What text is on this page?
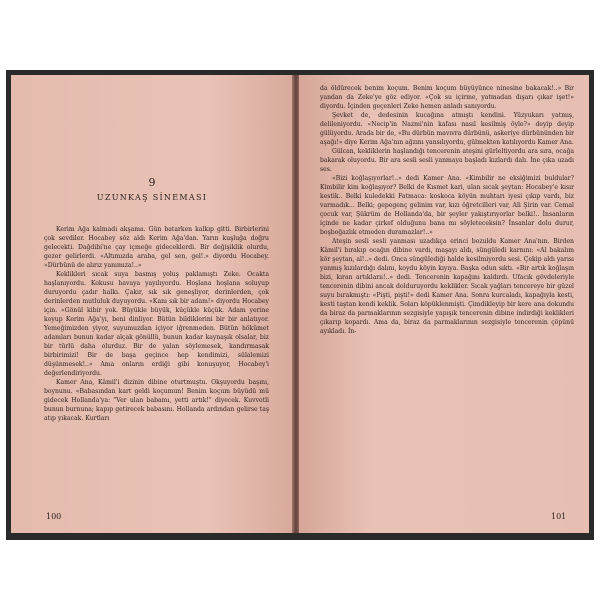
9
UZUNKAŞ SİNEMASI

Kerim Ağa kalmadı akşama. Gün batarken kalkıp gitti. Birbirlerini çok sevdiler. Hocabey söz aldı Kerim Ağa'dan. Yarın kuşluğa doğru gelecekti. Dağdibi'ne çay içmeğe gideceklerdi. Bir değişiklik olurdu, gezer gelirlerdi. «Altımızda araba, gel sen, gel!.» diyordu Hocabey. «Dürbünü de alırız yanımıza!..»

Keklikleri sıcak suya basmış yoluş paklamıştı Zeke. Ocakta haşlanıyordu. Kokusu havaya yayılıyordu. Hoşlana hoşlana soluyup duruyordu çadır halkı. Çakır, sık sık geneşliyor, derinlerden, çok derinlerden mutluluk duyuyordu. «Kanı sık bir adam!» diyordu Hocabey için. «Gönül kibir yok. Büyükle büyük, küçükle küçük. Adam yerine koyup Kerim Ağa'yı, beni dinliyor. Bütün bildiklerini bir bir anlatıyor. Yemeğimizden yiyor, suyumuzdan içiyor iğrenmeden. Bütün hökümet adamları bunun kadar alçak gönüllü, bunun kadar kaynaşık olsalar, biz bir türlü daha olurduz. Bir de yalan söylemesek, kandırmasak birbirimizi! Bir de başa geçince hep kendimizi, sülalemizi düşünmesek!..» Ama onların erdiği gibi konuşuyor, Hocabey'i değerlendiriyordu.

Kamer Ana, Kâmil'i dizinin dibine oturtmuştu. Okşuyordu başını, boynunu. «Babasından kart geldi koçumun! Benim koçum büyüdü mü gidecek Hollanda'ya: "Ver ulan babamı, yetti artık!" diyecek. Kuvvetli bunun burnuna; kapıp getirecek babasını. Hollanda ardından gelirse taş atıp yıkacak. Kurtları

100

da öldürecek benim koçum. Benim koçum büyüyünce ninesine bakacak!..» Bir yandan da Zeke'ye göz ediyor. «Çok su içirme, yatmadan dışarı çıkar işet!» diyordu. İçinden geçenleri Zeke hemen anladı sanıyordu.

Şevket de, dedesinin kucağına atmıştı kendini. Yüzyukarı yatmış, delileniyordu. «Necip'in Nazmi'nin kafası nasıl kesilmiş öyle?» deyip deyip gülüyordu. Arada bir de, «Bu dürbün mavıvra dürbünü, askeriye dürbününden bir aşağı!» diye Kerim Ağa'nın ağzını yansılıyordu, gülmekten katılıyordu Kamer Ana.

Gülcan, kekliklerin haşlandığı tencerenin ateşini gürleltiyordu ara sıra, ocağa bakarak oluyordu. Bir ara sesli sesli yanmaya başladı kızlardı dalı. İne çıka uzadı ses.

«Bizi koğlaşıyorlar!..» dedi Kamer Ana. «Kimbilir ne eksiğimizi buldular? Kimbilir kim koğlaşıyor? Belki de Kısmet kari, ulan sıcak şeytan: Hocabey'e kısır kestik.. Belki kuledekki Fatmaca: koskoca köyün muhtarı iyesi çıkıp vardı, biz varmadık... Belki; gepegenç gelinim var, kızı öğretcilleri var, Ali Şirin var. Cemal çocuk var, Şükrüm de Hollanda'da, bir şeyler yakıştırıyorlar belki!.. İnsanların içinde ne kadar çirkef olduğunu bana mı söyleteceksin? İnsanlar dolu durur, boşboğazlık etmeden duramazlar!..»

Ateşin sesli sesli yanması uzadıkça erinci bozuldu Kamer Ana'nın. Birden Kâmil'i bırakıp ocağın dibine vardı, maşayı aldı, süngüledi karnını: «Al bakalım kör şeytan, al!..» dedi. Onca süngülediği halde kesilmiyordu sesi. Çekip aldı yarısı yanmış kızılardığı dalını, koydu köyin kıyıya. Başka odun sıktı. «Bir artık koğlaşın bizi, kıran artıklarıı!..» dedi. Tencerenin kapağını kaldırdı. Ufacık gövdeleriyle tencerenin dibini ancak dolduruyordu keklikler. Sıcak yağları tencereye bir güzel suyu bırakmıştı: «Pişti, pişti!» dedi Kamer Ana. Sonra kurcaladı, kapağıyla kesti, kesti taştan kendi keklik. Soları köpüklenmişti. Çimdikleyip bir kere ana dokundu da biraz da parmaklarının sezgisiyle yapışık tencerenin dibine indirdiği keklikleri çıkarıp kopardı. Ama da, biraz da parmaklarının sezgisiyle tencerenin çöpünü ayıkladı. İn-

101
